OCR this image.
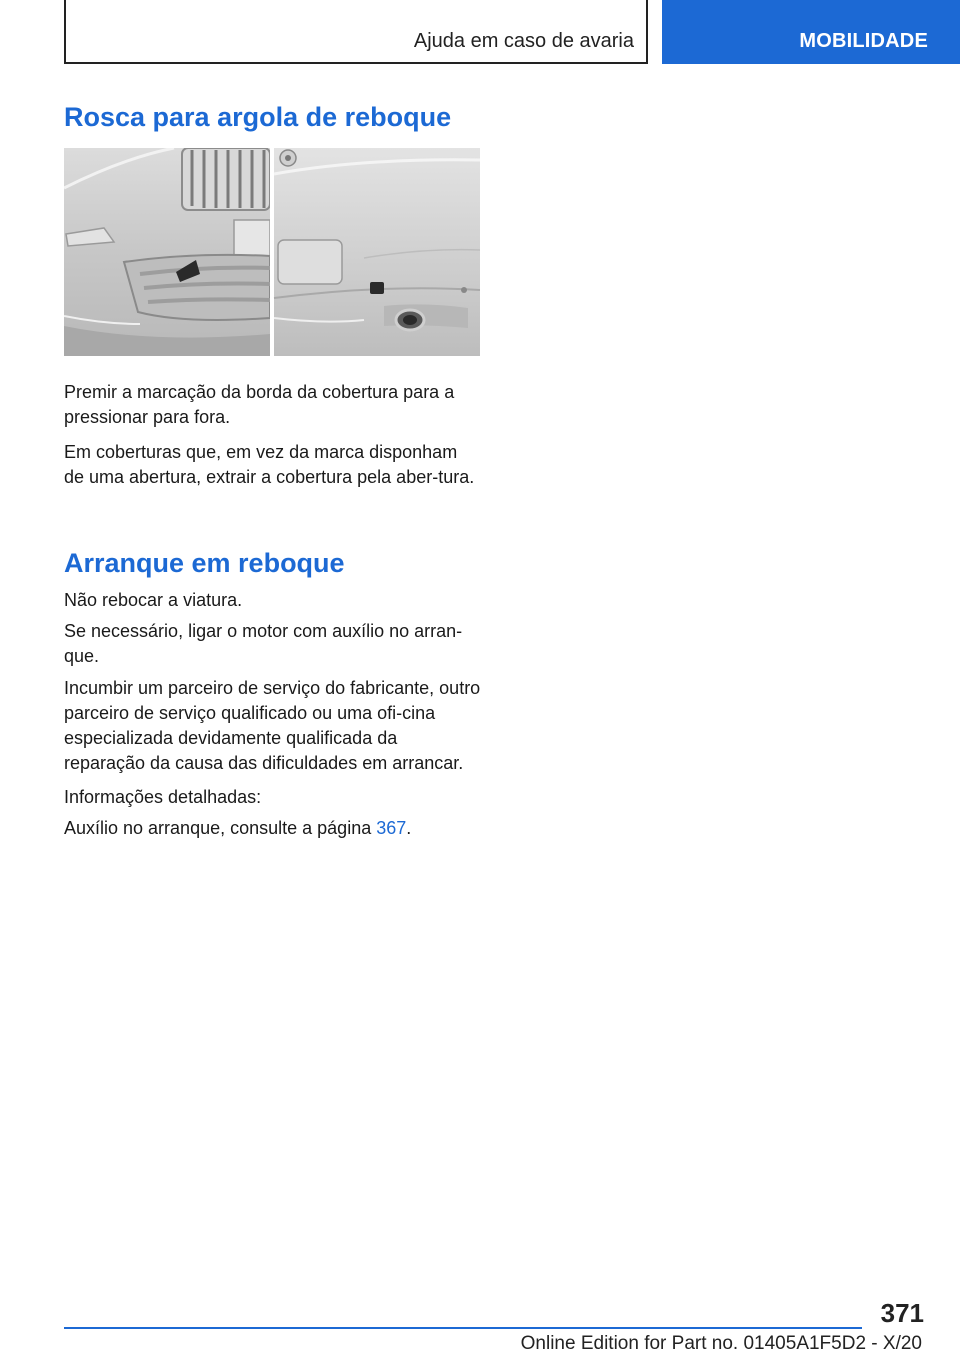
Ajuda em caso de avaria	MOBILIDADE
Rosca para argola de reboque

Premir a marcação da borda da cobertura para a pressionar para fora.

Em coberturas que, em vez da marca disponham de uma abertura, extrair a cobertura pela aber-tura.

Arranque em reboque

Não rebocar a viatura.

Se necessário, ligar o motor com auxílio no arran-que.

Incumbir um parceiro de serviço do fabricante, outro parceiro de serviço qualificado ou uma ofi-cina especializada devidamente qualificada da reparação da causa das dificuldades em arrancar.

Informações detalhadas:

Auxílio no arranque, consulte a página 367.

371
Online Edition for Part no. 01405A1F5D2 - X/20
